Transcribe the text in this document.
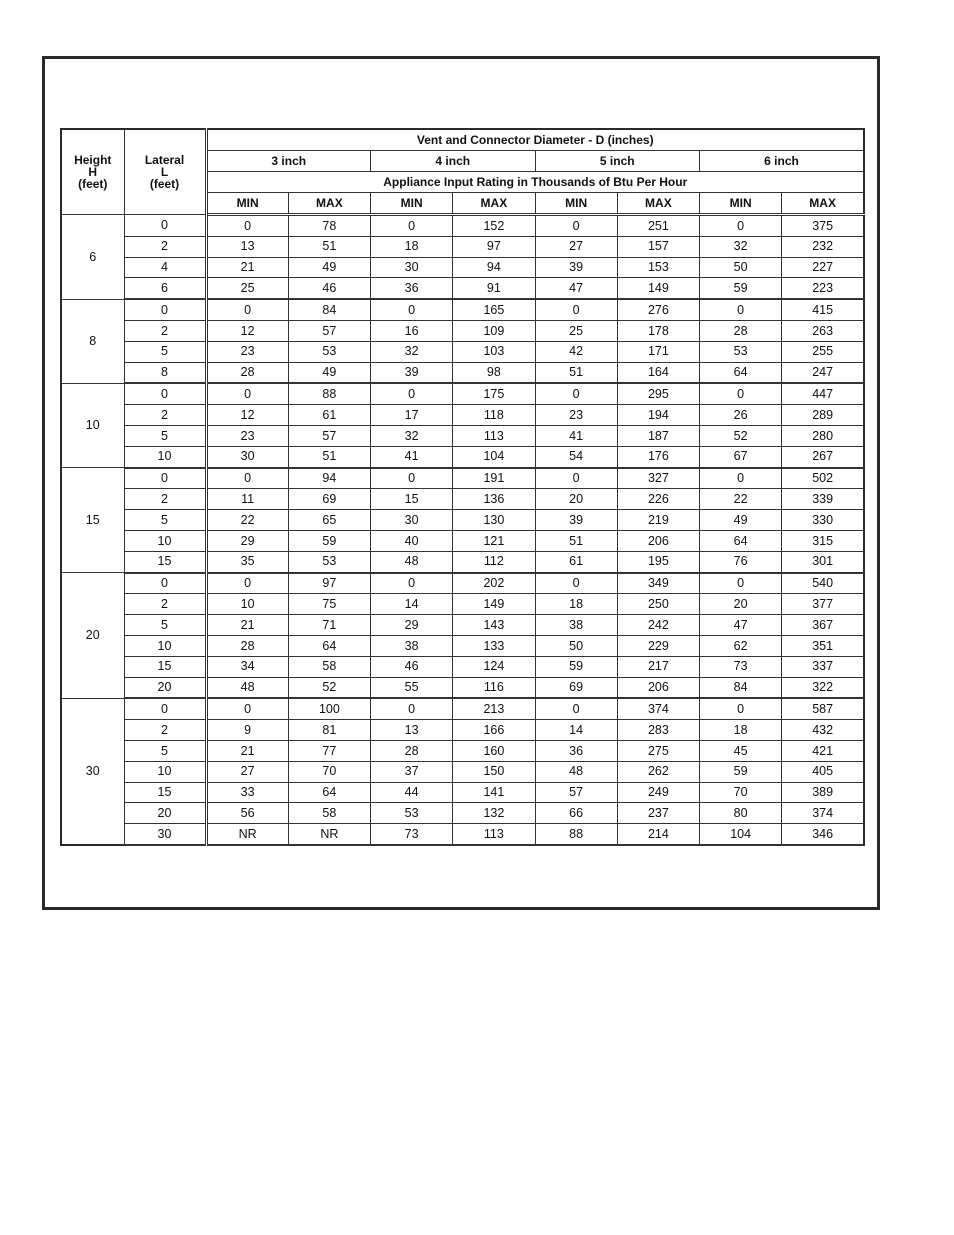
Height
H
(feet)	Lateral
L
(feet)	Vent and Connector Diameter - D (inches)							
		3 inch		4 inch		5 inch		6 inch	
		Appliance Input Rating in Thousands of Btu Per Hour							
		MIN	MAX	MIN	MAX	MIN	MAX	MIN	MAX
6	0	0	78	0	152	0	251	0	375
	2	13	51	18	97	27	157	32	232
	4	21	49	30	94	39	153	50	227
	6	25	46	36	91	47	149	59	223
8	0	0	84	0	165	0	276	0	415
	2	12	57	16	109	25	178	28	263
	5	23	53	32	103	42	171	53	255
	8	28	49	39	98	51	164	64	247
10	0	0	88	0	175	0	295	0	447
	2	12	61	17	118	23	194	26	289
	5	23	57	32	113	41	187	52	280
	10	30	51	41	104	54	176	67	267
15	0	0	94	0	191	0	327	0	502
	2	11	69	15	136	20	226	22	339
	5	22	65	30	130	39	219	49	330
	10	29	59	40	121	51	206	64	315
	15	35	53	48	112	61	195	76	301
20	0	0	97	0	202	0	349	0	540
	2	10	75	14	149	18	250	20	377
	5	21	71	29	143	38	242	47	367
	10	28	64	38	133	50	229	62	351
	15	34	58	46	124	59	217	73	337
	20	48	52	55	116	69	206	84	322
30	0	0	100	0	213	0	374	0	587
	2	9	81	13	166	14	283	18	432
	5	21	77	28	160	36	275	45	421
	10	27	70	37	150	48	262	59	405
	15	33	64	44	141	57	249	70	389
	20	56	58	53	132	66	237	80	374
	30	NR	NR	73	113	88	214	104	346
